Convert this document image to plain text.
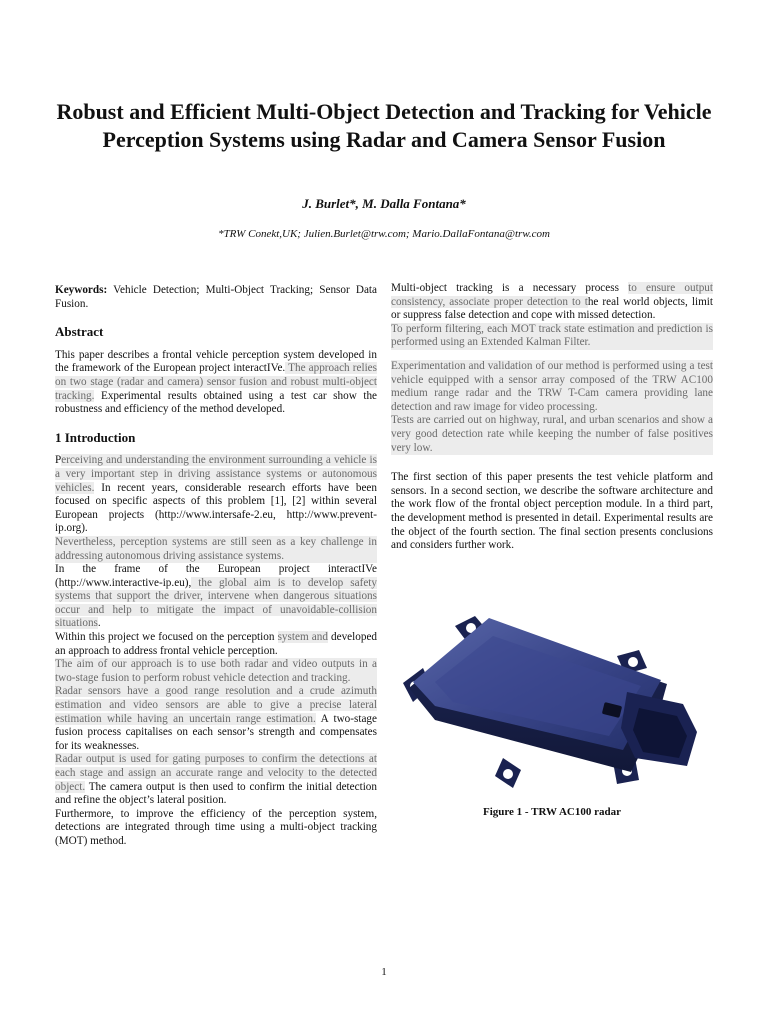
Robust and Efficient Multi-Object Detection and Tracking for Vehicle Perception Systems using Radar and Camera Sensor Fusion
J. Burlet*, M. Dalla Fontana*
*TRW Conekt,UK; Julien.Burlet@trw.com; Mario.DallaFontana@trw.com

Keywords: Vehicle Detection; Multi-Object Tracking; Sensor Data Fusion.

Abstract

This paper describes a frontal vehicle perception system developed in the framework of the European project interactIVe. The approach relies on two stage (radar and camera) sensor fusion and robust multi-object tracking. Experimental results obtained using a test car show the robustness and efficiency of the method developed.

1 Introduction

Perceiving and understanding the environment surrounding a vehicle is a very important step in driving assistance systems or autonomous vehicles. In recent years, considerable research efforts have been focused on specific aspects of this problem [1], [2] within several European projects (http://www.intersafe-2.eu, http://www.prevent-ip.org).

Nevertheless, perception systems are still seen as a key challenge in addressing autonomous driving assistance systems.

In the frame of the European project interactIVe (http://www.interactive-ip.eu), the global aim is to develop safety systems that support the driver, intervene when dangerous situations occur and help to mitigate the impact of unavoidable-collision situations.

Within this project we focused on the perception system and developed an approach to address frontal vehicle perception.

The aim of our approach is to use both radar and video outputs in a two-stage fusion to perform robust vehicle detection and tracking.

Radar sensors have a good range resolution and a crude azimuth estimation and video sensors are able to give a precise lateral estimation while having an uncertain range estimation. A two-stage fusion process capitalises on each sensor’s strength and compensates for its weaknesses.

Radar output is used for gating purposes to confirm the detections at each stage and assign an accurate range and velocity to the detected object. The camera output is then used to confirm the initial detection and refine the object’s lateral position.

Furthermore, to improve the efficiency of the perception system, detections are integrated through time using a multi-object tracking (MOT) method.

Multi-object tracking is a necessary process to ensure output consistency, associate proper detection to the real world objects, limit or suppress false detection and cope with missed detection.

To perform filtering, each MOT track state estimation and prediction is performed using an Extended Kalman Filter.

Experimentation and validation of our method is performed using a test vehicle equipped with a sensor array composed of the TRW AC100 medium range radar and the TRW T-Cam camera providing lane detection and raw image for video processing.

Tests are carried out on highway, rural, and urban scenarios and show a very good detection rate while keeping the number of false positives very low.

The first section of this paper presents the test vehicle platform and sensors. In a second section, we describe the software architecture and the work flow of the frontal object perception module. In a third part, the development method is presented in detail. Experimental results are the object of the fourth section. The final section presents conclusions and considers further work.

Figure 1 - TRW AC100 radar
1
